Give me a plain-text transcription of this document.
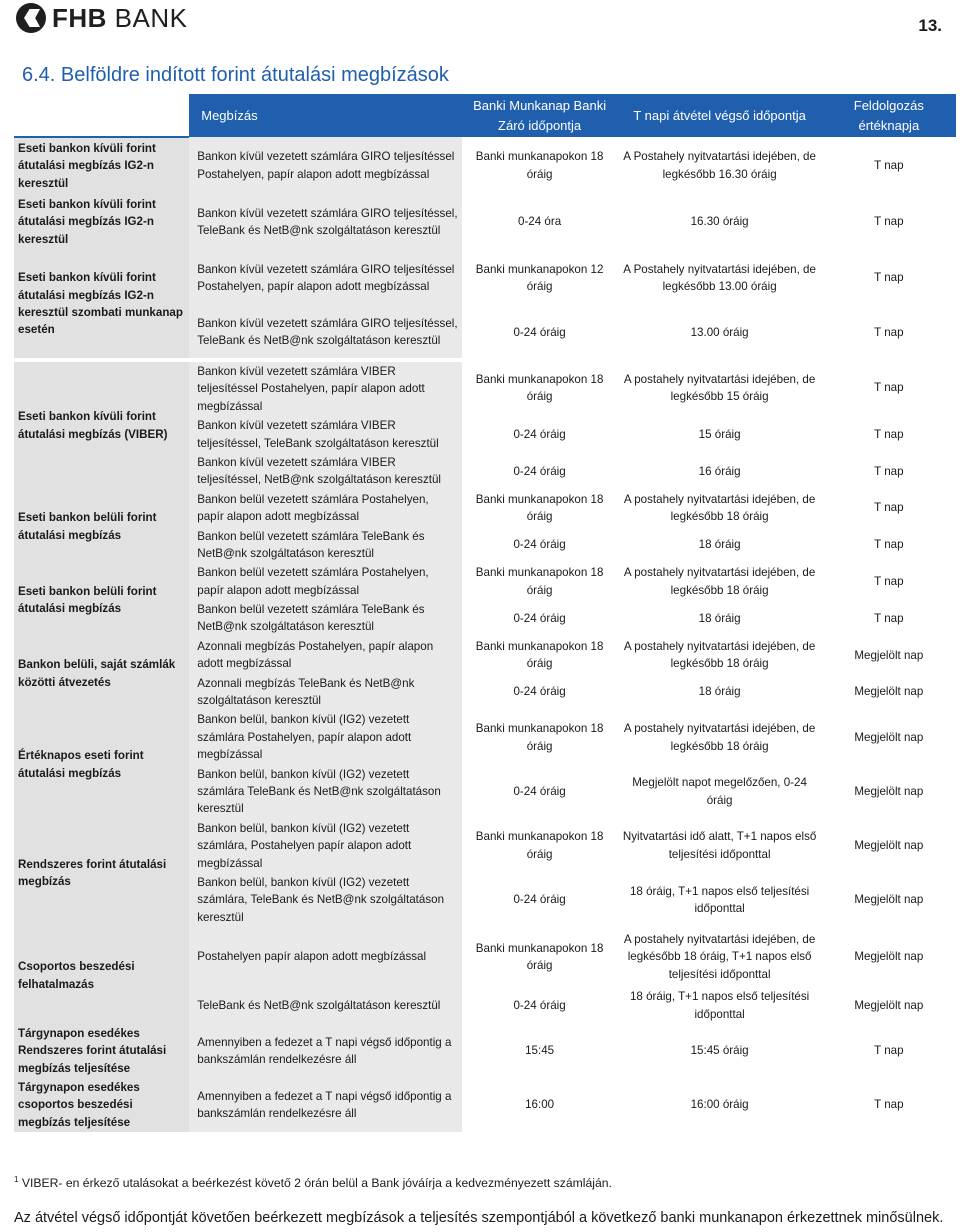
FHB BANK	13.
6.4. Belföldre indított forint átutalási megbízások
	Megbízás	Banki Munkanap Banki Záró időpontja	T napi átvétel végső időpontja	Feldolgozás értéknapja
Eseti bankon kívüli forint átutalási megbízás IG2-n keresztül	Bankon kívül vezetett számlára GIRO teljesítéssel Postahelyen, papír alapon adott megbízással	Banki munkanapokon 18 óráig	A Postahely nyitvatartási idejében, de legkésőbb 16.30 óráig	T nap
Eseti bankon kívüli forint átutalási megbízás IG2-n keresztül	Bankon kívül vezetett számlára GIRO teljesítéssel, TeleBank és NetB@nk szolgáltatáson keresztül	0-24 óra	16.30 óráig	T nap
Eseti bankon kívüli forint átutalási megbízás IG2-n keresztül szombati munkanap esetén	Bankon kívül vezetett számlára GIRO teljesítéssel Postahelyen, papír alapon adott megbízással	Banki munkanapokon 12 óráig	A Postahely nyitvatartási idejében, de legkésőbb 13.00 óráig	T nap
	Bankon kívül vezetett számlára GIRO teljesítéssel, TeleBank és NetB@nk szolgáltatáson keresztül	0-24 óráig	13.00 óráig	T nap
Eseti bankon kívüli forint átutalási megbízás (VIBER)	Bankon kívül vezetett számlára VIBER teljesítéssel Postahelyen, papír alapon adott megbízással	Banki munkanapokon 18 óráig	A postahely nyitvatartási idejében, de legkésőbb 15 óráig	T nap
	Bankon kívül vezetett számlára VIBER teljesítéssel, TeleBank szolgáltatáson keresztül	0-24 óráig	15 óráig	T nap
	Bankon kívül vezetett számlára VIBER teljesítéssel, NetB@nk szolgáltatáson keresztül	0-24 óráig	16 óráig	T nap
Eseti bankon belüli forint átutalási megbízás	Bankon belül vezetett számlára Postahelyen, papír alapon adott megbízással	Banki munkanapokon 18 óráig	A postahely nyitvatartási idejében, de legkésőbb 18 óráig	T nap
	Bankon belül vezetett számlára TeleBank és NetB@nk szolgáltatáson keresztül	0-24 óráig	18 óráig	T nap
Eseti bankon belüli forint átutalási megbízás	Bankon belül vezetett számlára Postahelyen, papír alapon adott megbízással	Banki munkanapokon 18 óráig	A postahely nyitvatartási idejében, de legkésőbb 18 óráig	T nap
	Bankon belül vezetett számlára TeleBank és NetB@nk szolgáltatáson keresztül	0-24 óráig	18 óráig	T nap
Bankon belüli, saját számlák közötti átvezetés	Azonnali megbízás Postahelyen, papír alapon adott megbízással	Banki munkanapokon 18 óráig	A postahely nyitvatartási idejében, de legkésőbb 18 óráig	Megjelölt nap
	Azonnali megbízás TeleBank és NetB@nk szolgáltatáson keresztül	0-24 óráig	18 óráig	Megjelölt nap
Értéknapos eseti forint átutalási megbízás	Bankon belül, bankon kívül (IG2) vezetett számlára Postahelyen, papír alapon adott megbízással	Banki munkanapokon 18 óráig	A postahely nyitvatartási idejében, de legkésőbb 18 óráig	Megjelölt nap
	Bankon belül, bankon kívül (IG2) vezetett számlára TeleBank és NetB@nk szolgáltatáson keresztül	0-24 óráig	Megjelölt napot megelőzően, 0-24 óráig	Megjelölt nap
Rendszeres forint átutalási megbízás	Bankon belül, bankon kívül (IG2) vezetett számlára, Postahelyen papír alapon adott megbízással	Banki munkanapokon 18 óráig	Nyitvatartási idő alatt, T+1 napos első teljesítési időponttal	Megjelölt nap
	Bankon belül, bankon kívül (IG2) vezetett számlára, TeleBank és NetB@nk szolgáltatáson keresztül	0-24 óráig	18 óráig, T+1 napos első teljesítési időponttal	Megjelölt nap
Csoportos beszedési felhatalmazás	Postahelyen papír alapon adott megbízással	Banki munkanapokon 18 óráig	A postahely nyitvatartási idejében, de legkésőbb 18 óráig, T+1 napos első teljesítési időponttal	Megjelölt nap
	TeleBank és NetB@nk szolgáltatáson keresztül	0-24 óráig	18 óráig, T+1 napos első teljesítési időponttal	Megjelölt nap
Tárgynapon esedékes Rendszeres forint átutalási megbízás teljesítése	Amennyiben a fedezet a T napi végső időpontig a bankszámlán rendelkezésre áll	15:45	15:45 óráig	T nap
Tárgynapon esedékes csoportos beszedési megbízás teljesítése	Amennyiben a fedezet a T napi végső időpontig a bankszámlán rendelkezésre áll	16:00	16:00 óráig	T nap
$^1$ VIBER- en érkező utalásokat a beérkezést követő 2 órán belül a Bank jóváírja a kedvezményezett számláján.
Az átvétel végső időpontját követően beérkezett megbízások a teljesítés szempontjából a következő banki munkanapon érkezettnek minősülnek.
